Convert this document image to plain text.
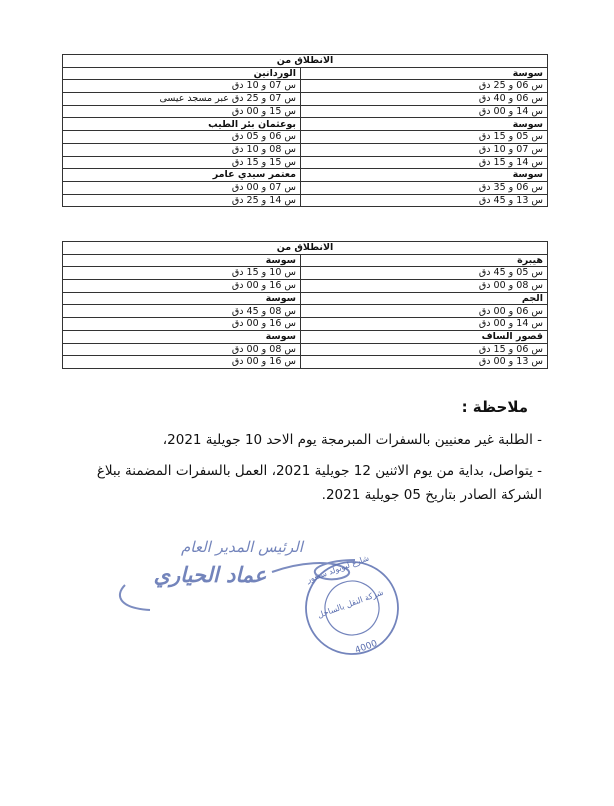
الانطلاق من	
سوسة	الوردانين
س 06 و 25 دق	س 07 و 10 دق
س 06 و 40 دق	س 07 و 25 دق عبر مسجد عيسى
س 14 و 00 دق	س 15 و 00 دق
سوسة	بوعثمان بئر الطيب
س 05 و 15 دق	س 06 و 05 دق
س 07 و 10 دق	س 08 و 10 دق
س 14 و 15 دق	س 15 و 15 دق
سوسة	معتمر سيدي عامر
س 06 و 35 دق	س 07 و 00 دق
س 13 و 45 دق	س 14 و 25 دق
الانطلاق من	
هيبرة	سوسة
س 05 و 45 دق	س 10 و 15 دق
س 08 و 00 دق	س 16 و 00 دق
الجم	سوسة
س 06 و 00 دق	س 08 و 45 دق
س 14 و 00 دق	س 16 و 00 دق
قصور الساف	سوسة
س 06 و 15 دق	س 08 و 00 دق
س 13 و 00 دق	س 16 و 00 دق
ملاحظة :
- الطلبة غير معنيين بالسفرات المبرمجة يوم الاحد 10 جويلية 2021،
- يتواصل، بداية من يوم الاثنين 12 جويلية 2021، العمل بالسفرات المضمنة ببلاغ الشركة الصادر بتاريخ 05 جويلية 2021.
الرئيس المدير العام
عماد الحياري
شركة النقل بالساحل
شارع ليوبولد سنغور
4000
